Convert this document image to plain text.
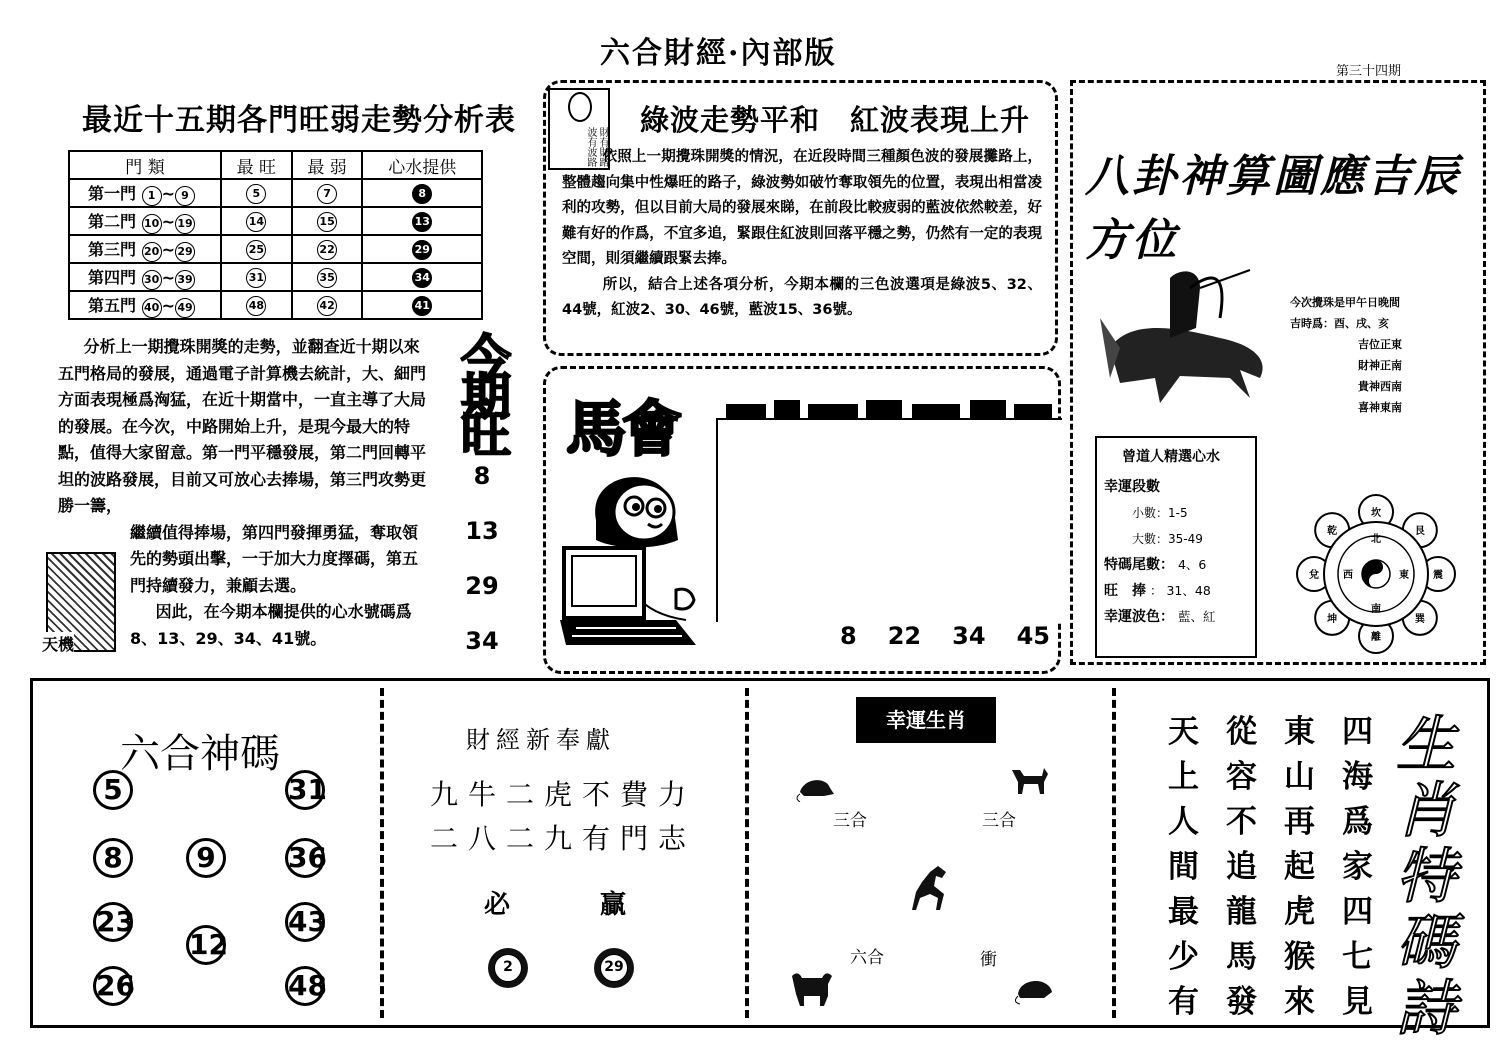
六合財經·內部版
第三十四期
最近十五期各門旺弱走勢分析表
門 類	最 旺	最 弱	心水提供
第一門 1 ~ 9	5	7	8
第二門 10 ~ 19	14	15	13
第三門 20 ~ 29	25	22	29
第四門 30 ~ 39	31	35	34
第五門 40 ~ 49	48	42	41

分析上一期攪珠開獎的走勢，並翻查近十期以來五門格局的發展，通過電子計算機去統計，大、細門方面表現極爲洶猛，在近十期當中，一直主導了大局的發展。在今次，中路開始上升，是現今最大的特點，值得大家留意。第一門平穩發展，第二門回轉平坦的波路發展，目前又可放心去捧場，第三門攻勢更勝一籌，

繼續值得捧場，第四門發揮勇猛，奪取領先的勢頭出擊，一于加大力度擇碼，第五門持續發力，兼顧去選。

因此，在今期本欄提供的心水號碼爲8、13、29、34、41號。

天機
今期旺
8
13
29
34
財有財路 波有波路
綠波走勢平和　紅波表現上升

依照上一期攪珠開獎的情況，在近段時間三種顏色波的發展攤路上，整體趨向集中性爆旺的路子，綠波勢如破竹奪取領先的位置，表現出相當凌利的攻勢，但以目前大局的發展來睇，在前段比較疲弱的藍波依然較差，好難有好的作爲，不宜多追，緊跟住紅波則回落平穩之勢，仍然有一定的表現空間，則須繼續跟緊去捧。

所以，結合上述各項分析，今期本欄的三色波選項是綠波5、32、44號，紅波2、30、46號，藍波15、36號。

馬會
8 22 34 45
八卦神算圖應吉辰方位
今次攪珠是甲午日晚間
吉時爲：酉、戌、亥
吉位正東
財神正南
貴神西南
喜神東南
曾道人精選心水
幸運段數
小數：1-5
大數：35-49
特碼尾數： 4、6
旺　捧 ： 31、48
幸運波色： 藍、紅
坎
艮
震
巽
離
坤
兌
乾
北
西	東
南
六合神碼
5
8
23
26
9
12
31
36
43
48
財經新奉獻
九牛二虎不費力
二八二九有門志
必	贏
2	29
幸運生肖
三合	三合
六合	衝
天 從 東 四
上 容 山 海
人 不 再 爲
間 追 起 家
最 龍 虎 四
少 馬 猴 七
有 發 來 見
生肖特碼詩
